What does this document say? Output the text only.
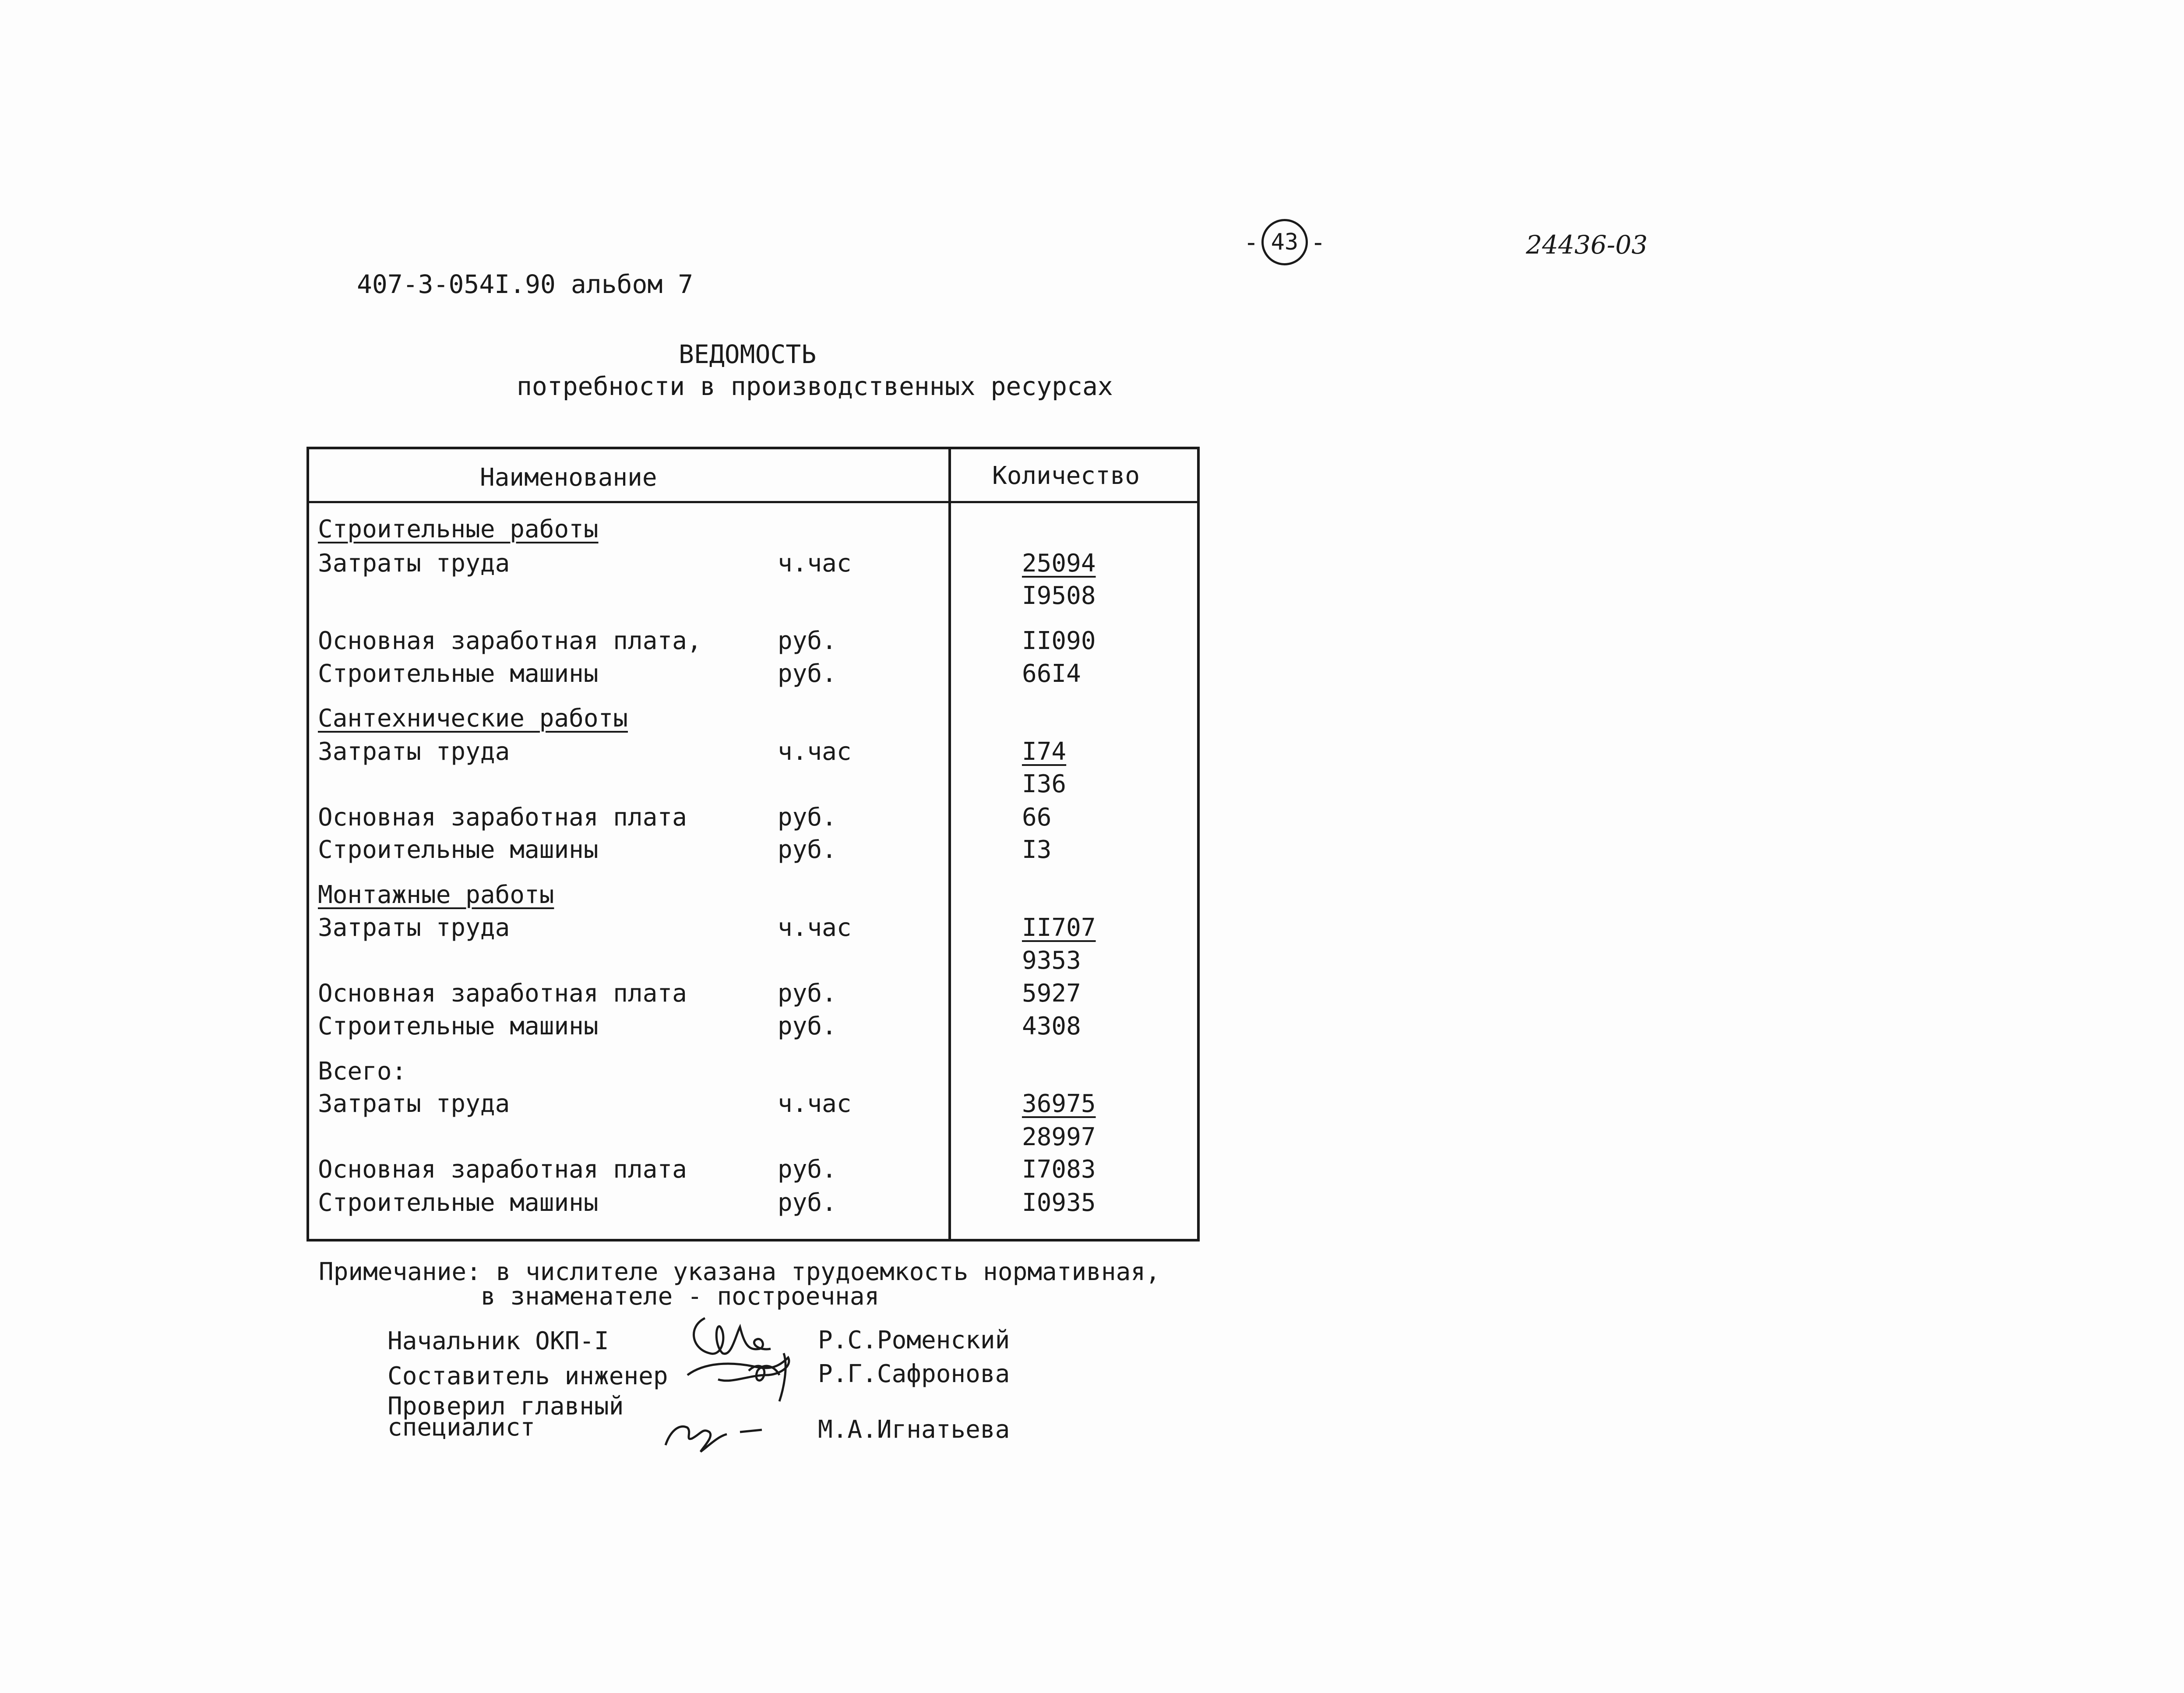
407-3-054I.90 альбом 7
- 43 -	24436-03
ВЕДОМОСТЬ
потребности в производственных ресурсах
Наименование	Количество
Строительные работы
Затраты труда	ч.час	25094
I9508
Основная заработная плата,	руб.	II090
Строительные машины	руб.	66I4
Сантехнические работы
Затраты труда	ч.час	I74
I36
Основная заработная плата	руб.	66
Строительные машины	руб.	I3
Монтажные работы
Затраты труда	ч.час	II707
9353
Основная заработная плата	руб.	5927
Строительные машины	руб.	4308
Всего:
Затраты труда	ч.час	36975
28997
Основная заработная плата	руб.	I7083
Строительные машины	руб.	I0935
Примечание: в числителе указана трудоемкость нормативная,
в знаменателе - построечная
Начальник ОКП-I	Р.С.Роменский
Составитель инженер	Р.Г.Сафронова
Проверил главный
специалист	М.А.Игнатьева
